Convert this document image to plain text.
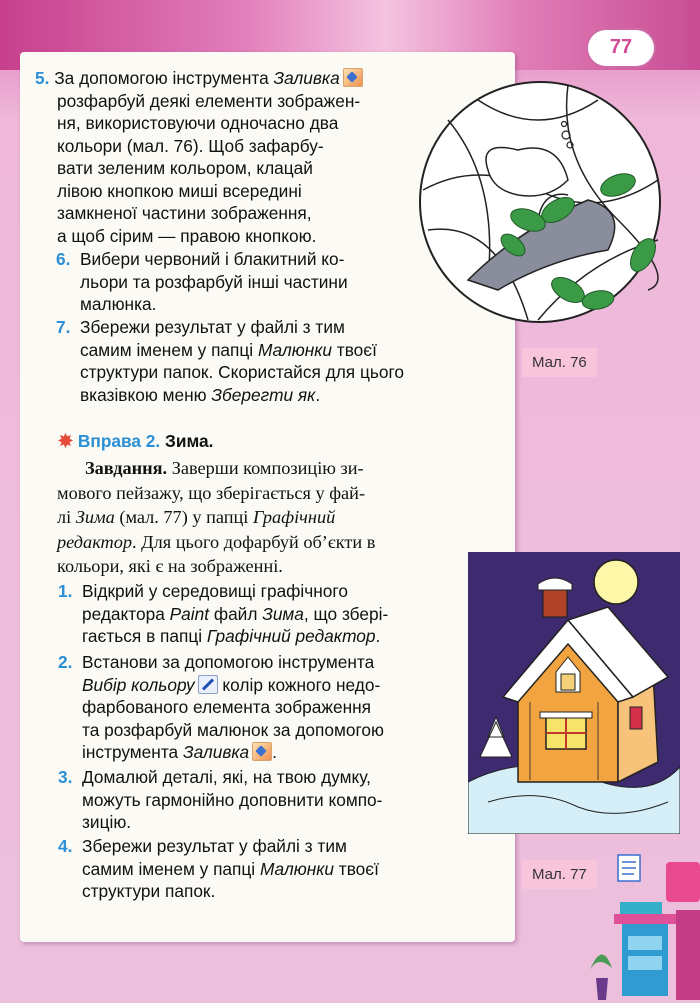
77
5. За допомогою інструмента Заливка
розфарбуй деякі елементи зображен-
ня, використовуючи одночасно два
кольори (мал. 76). Щоб зафарбу-
вати зеленим кольором, клацай
лівою кнопкою миші всередині
замкненої частини зображення,
а щоб сірим — правою кнопкою.
6. Вибери червоний і блакитний ко-
льори та розфарбуй інші частини
малюнка.
7. Збережи результат у файлі з тим
самим іменем у папці Малюнки твоєї
структури папок. Скористайся для цього
вказівкою меню Зберегти як.
Мал. 76
✸ Вправа 2. Зима.
Завдання. Заверши композицію зи-
мового пейзажу, що зберігається у фай-
лі Зима (мал. 77) у папці Графічний
редактор. Для цього дофарбуй об’єкти в
кольори, які є на зображенні.
1. Відкрий у середовищі графічного
редактора Paint файл Зима, що зберi-
гається в папці Графічний редактор.
2. Встанови за допомогою інструмента
Вибір кольору колір кожного недо-
фарбованого елемента зображення
та розфарбуй малюнок за допомогою
інструмента Заливка .
3. Домалюй деталі, які, на твою думку,
можуть гармонійно доповнити компо-
зицію.
4. Збережи результат у файлі з тим
самим іменем у папці Малюнки твоєї
структури папок.
Мал. 77
